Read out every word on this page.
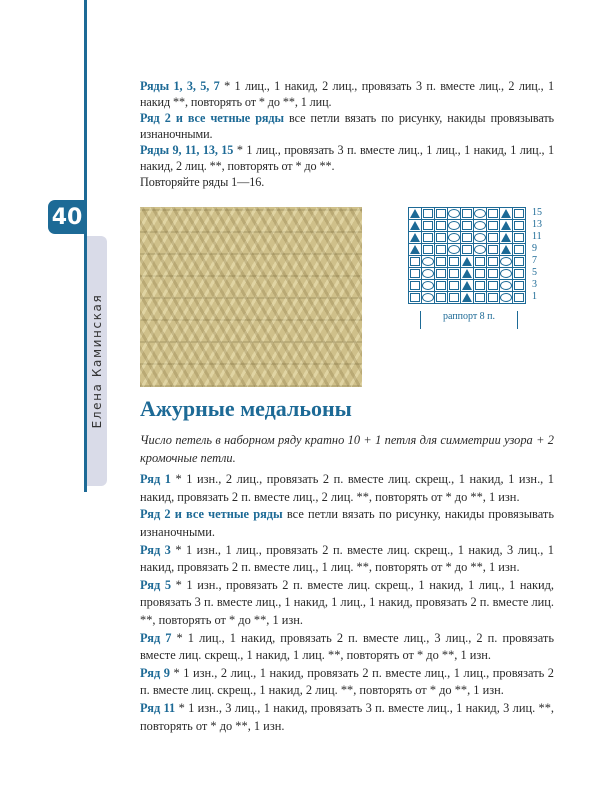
40
Елена Каминская

Ряды 1, 3, 5, 7 * 1 лиц., 1 накид, 2 лиц., провязать 3 п. вместе лиц., 2 лиц., 1 накид **, повторять от * до **, 1 лиц.

Ряд 2 и все четные ряды все петли вязать по рисунку, накиды провязывать изнаночными.

Ряды 9, 11, 13, 15 * 1 лиц., провязать 3 п. вместе лиц., 1 лиц., 1 накид, 1 лиц., 1 накид, 2 лиц. **, повторять от * до **.

Повторяйте ряды 1—16.

15
13
11
9
7
5
3
1
раппорт 8 п.
Ажурные медальоны

Число петель в наборном ряду кратно 10 + 1 петля для симметрии узора + 2 кромочные петли.

Ряд 1 * 1 изн., 2 лиц., провязать 2 п. вместе лиц. скрещ., 1 накид, 1 изн., 1 накид, провязать 2 п. вместе лиц., 2 лиц. **, повторять от * до **, 1 изн.

Ряд 2 и все четные ряды все петли вязать по рисунку, накиды провязывать изнаночными.

Ряд 3 * 1 изн., 1 лиц., провязать 2 п. вместе лиц. скрещ., 1 накид, 3 лиц., 1 накид, провязать 2 п. вместе лиц., 1 лиц. **, повторять от * до **, 1 изн.

Ряд 5 * 1 изн., провязать 2 п. вместе лиц. скрещ., 1 накид, 1 лиц., 1 накид, провязать 3 п. вместе лиц., 1 накид, 1 лиц., 1 накид, провязать 2 п. вместе лиц. **, повторять от * до **, 1 изн.

Ряд 7 * 1 лиц., 1 накид, провязать 2 п. вместе лиц., 3 лиц., 2 п. провязать вместе лиц. скрещ., 1 накид, 1 лиц. **, повторять от * до **, 1 изн.

Ряд 9 * 1 изн., 2 лиц., 1 накид, провязать 2 п. вместе лиц., 1 лиц., провязать 2 п. вместе лиц. скрещ., 1 накид, 2 лиц. **, повторять от * до **, 1 изн.

Ряд 11 * 1 изн., 3 лиц., 1 накид, провязать 3 п. вместе лиц., 1 накид, 3 лиц. **, повторять от * до **, 1 изн.
